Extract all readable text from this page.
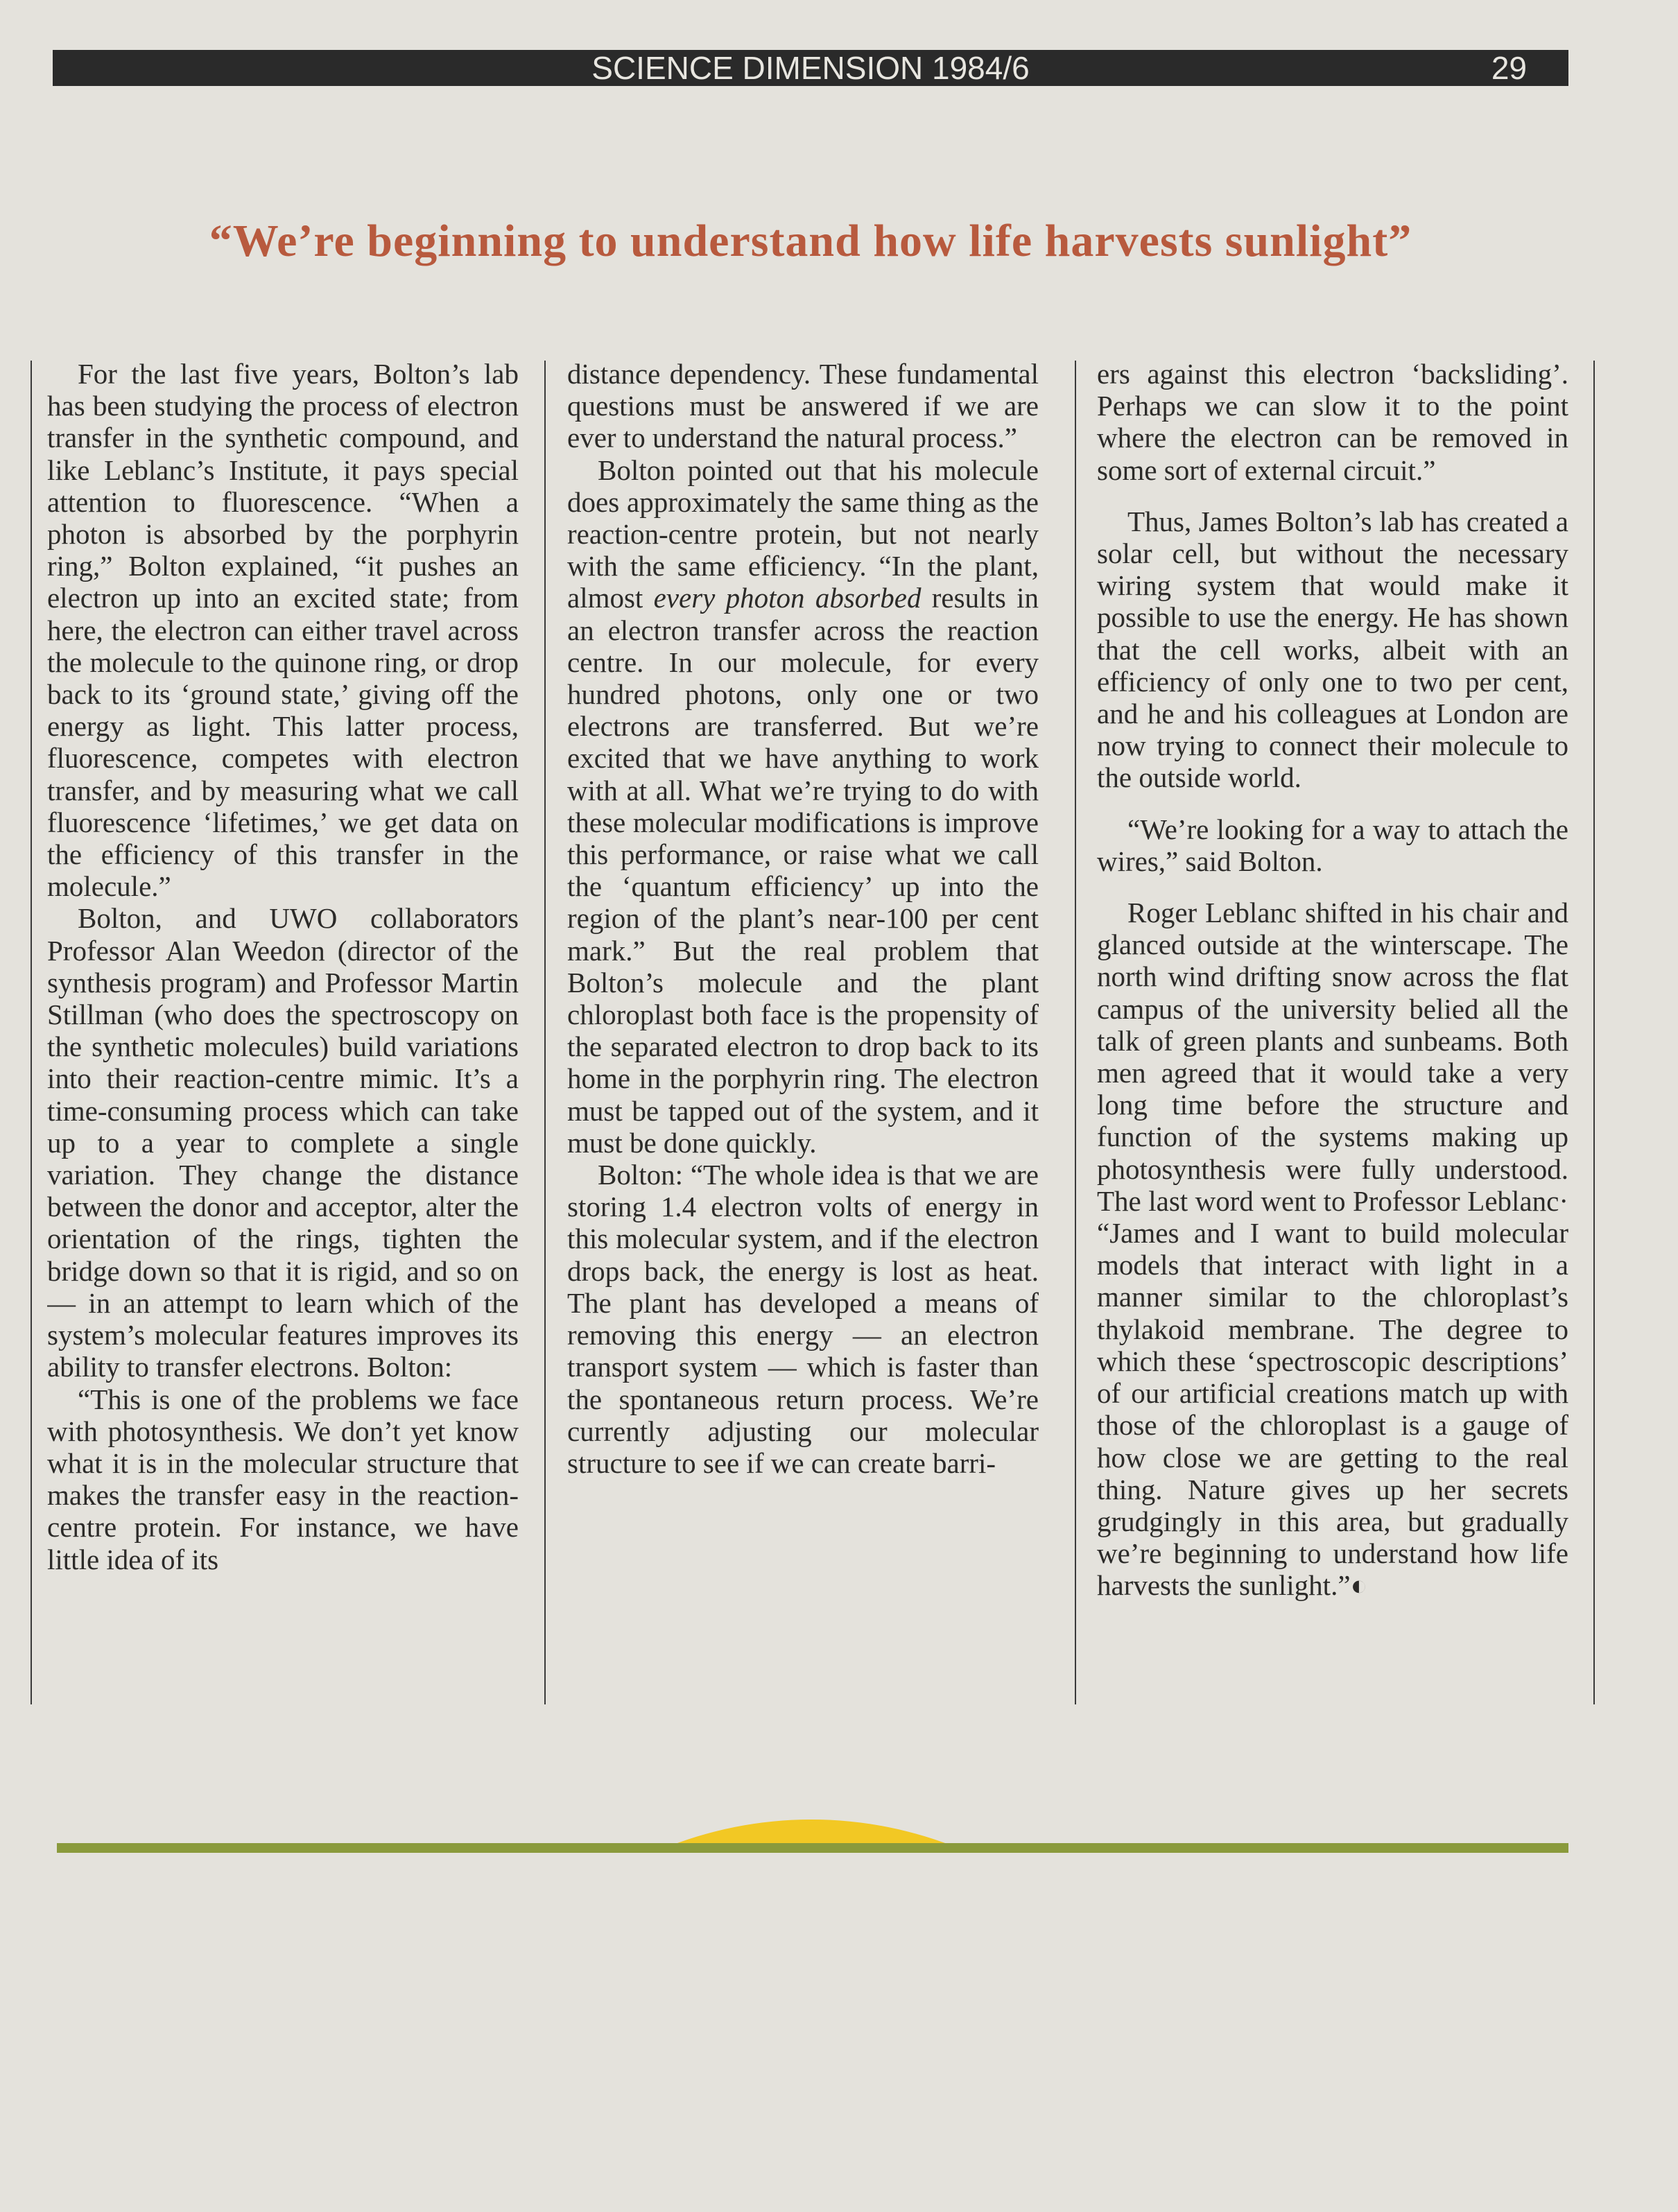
SCIENCE DIMENSION 1984/6	29
“We’re beginning to understand how life harvests sunlight”

For the last five years, Bolton’s lab has been studying the process of electron transfer in the synthetic compound, and like Leblanc’s Institute, it pays special attention to fluorescence. “When a photon is absorbed by the porphyrin ring,” Bolton explained, “it pushes an electron up into an excited state; from here, the electron can either travel across the molecule to the quinone ring, or drop back to its ‘ground state,’ giving off the energy as light. This latter process, fluorescence, competes with electron transfer, and by measuring what we call fluorescence ‘lifetimes,’ we get data on the efficiency of this transfer in the molecule.”

Bolton, and UWO collaborators Professor Alan Weedon (director of the synthesis program) and Professor Martin Stillman (who does the spectroscopy on the synthetic molecules) build variations into their reaction-centre mimic. It’s a time-consuming process which can take up to a year to complete a single variation. They change the distance between the donor and acceptor, alter the orientation of the rings, tighten the bridge down so that it is rigid, and so on — in an attempt to learn which of the system’s molecular features improves its ability to transfer electrons. Bolton:

“This is one of the problems we face with photosynthesis. We don’t yet know what it is in the molecular structure that makes the transfer easy in the reaction-centre protein. For instance, we have little idea of its

distance dependency. These fundamental questions must be answered if we are ever to understand the natural process.”

Bolton pointed out that his molecule does approximately the same thing as the reaction-centre protein, but not nearly with the same efficiency. “In the plant, almost every photon absorbed results in an electron transfer across the reaction centre. In our molecule, for every hundred photons, only one or two electrons are transferred. But we’re excited that we have anything to work with at all. What we’re trying to do with these molecular modifications is improve this performance, or raise what we call the ‘quantum efficiency’ up into the region of the plant’s near-100 per cent mark.” But the real problem that Bolton’s molecule and the plant chloroplast both face is the propensity of the separated electron to drop back to its home in the porphyrin ring. The electron must be tapped out of the system, and it must be done quickly.

Bolton: “The whole idea is that we are storing 1.4 electron volts of energy in this molecular system, and if the electron drops back, the energy is lost as heat. The plant has developed a means of removing this energy — an electron transport system — which is faster than the spontaneous return process. We’re currently adjusting our molecular structure to see if we can create barri-

ers against this electron ‘backsliding’. Perhaps we can slow it to the point where the electron can be removed in some sort of external circuit.”

Thus, James Bolton’s lab has created a solar cell, but without the necessary wiring system that would make it possible to use the energy. He has shown that the cell works, albeit with an efficiency of only one to two per cent, and he and his colleagues at London are now trying to connect their molecule to the outside world.

“We’re looking for a way to attach the wires,” said Bolton.

Roger Leblanc shifted in his chair and glanced outside at the winterscape. The north wind drifting snow across the flat campus of the university belied all the talk of green plants and sunbeams. Both men agreed that it would take a very long time before the structure and function of the systems making up photosynthesis were fully understood. The last word went to Professor Leblanc· “James and I want to build molecular models that interact with light in a manner similar to the chloroplast’s thylakoid membrane. The degree to which these ‘spectroscopic descriptions’ of our artificial creations match up with those of the chloroplast is a gauge of how close we are getting to the real thing. Nature gives up her secrets grudgingly in this area, but gradually we’re beginning to understand how life harvests the sunlight.”◐
